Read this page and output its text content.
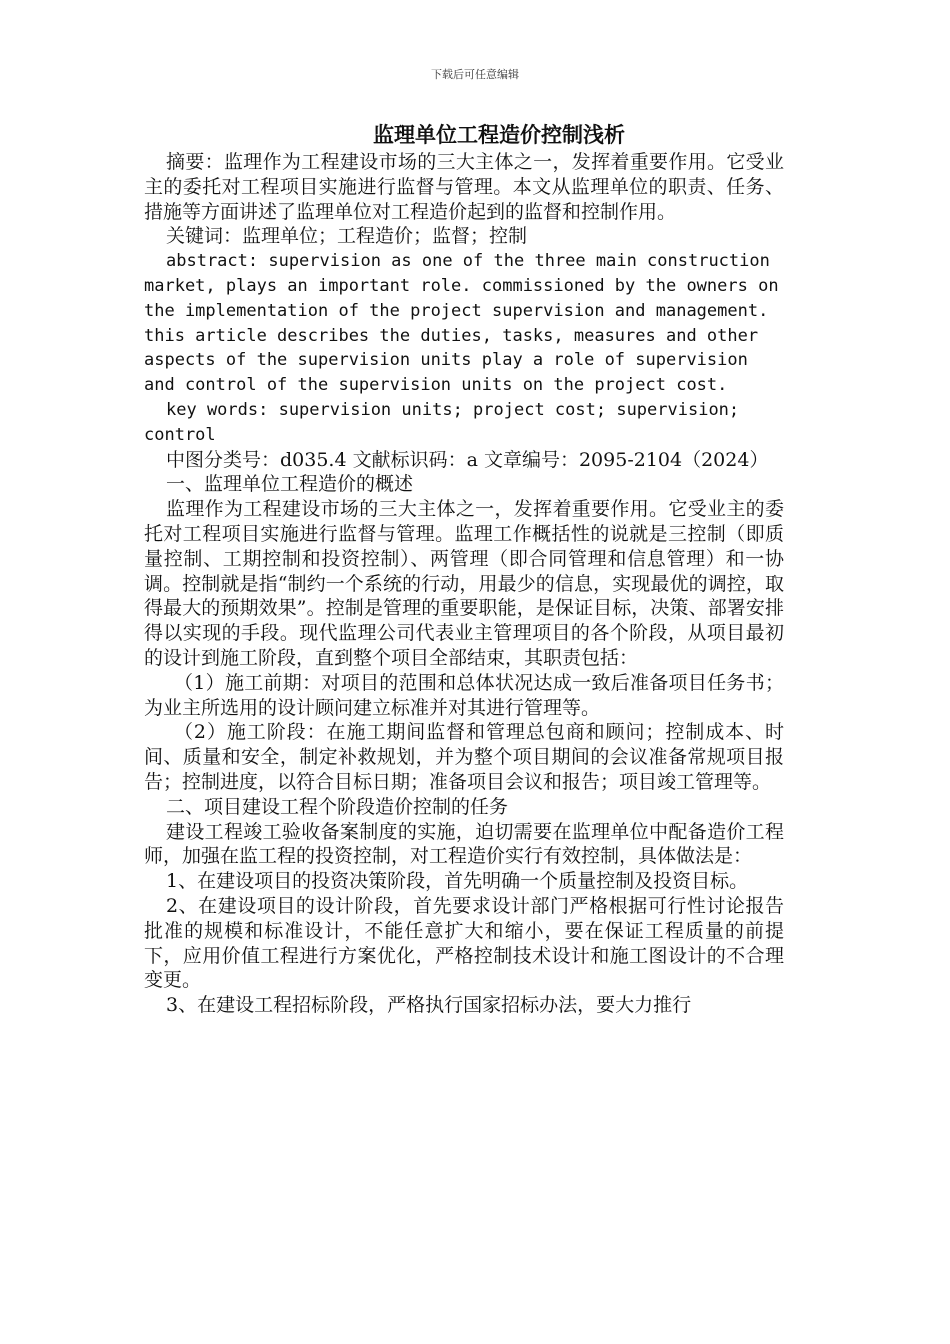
下载后可任意编辑
监理单位工程造价控制浅析

摘要：监理作为工程建设市场的三大主体之一，发挥着重要作用。它受业主的委托对工程项目实施进行监督与管理。本文从监理单位的职责、任务、措施等方面讲述了监理单位对工程造价起到的监督和控制作用。

关键词：监理单位；工程造价；监督；控制

abstract: supervision as one of the three main construction market, plays an important role. commissioned by the owners on the implementation of the project supervision and management. this article describes the duties, tasks, measures and other aspects of the supervision units play a role of supervision and control of the supervision units on the project cost.

key words: supervision units; project cost; supervision; control

中图分类号：d035.4 文献标识码：a 文章编号：2095-2104（2024）

一、监理单位工程造价的概述

监理作为工程建设市场的三大主体之一，发挥着重要作用。它受业主的委托对工程项目实施进行监督与管理。监理工作概括性的说就是三控制（即质量控制、工期控制和投资控制）、两管理（即合同管理和信息管理）和一协调。控制就是指“制约一个系统的行动，用最少的信息，实现最优的调控，取得最大的预期效果”。控制是管理的重要职能，是保证目标，决策、部署安排得以实现的手段。现代监理公司代表业主管理项目的各个阶段，从项目最初的设计到施工阶段，直到整个项目全部结束，其职责包括：

（1）施工前期：对项目的范围和总体状况达成一致后准备项目任务书；为业主所选用的设计顾问建立标准并对其进行管理等。

（2）施工阶段：在施工期间监督和管理总包商和顾问；控制成本、时间、质量和安全，制定补救规划，并为整个项目期间的会议准备常规项目报告；控制进度，以符合目标日期；准备项目会议和报告；项目竣工管理等。

二、项目建设工程个阶段造价控制的任务

建设工程竣工验收备案制度的实施，迫切需要在监理单位中配备造价工程师，加强在监工程的投资控制，对工程造价实行有效控制，具体做法是：

1、在建设项目的投资决策阶段，首先明确一个质量控制及投资目标。

2、在建设项目的设计阶段，首先要求设计部门严格根据可行性讨论报告批准的规模和标准设计，不能任意扩大和缩小，要在保证工程质量的前提下，应用价值工程进行方案优化，严格控制技术设计和施工图设计的不合理变更。

3、在建设工程招标阶段，严格执行国家招标办法，要大力推行
